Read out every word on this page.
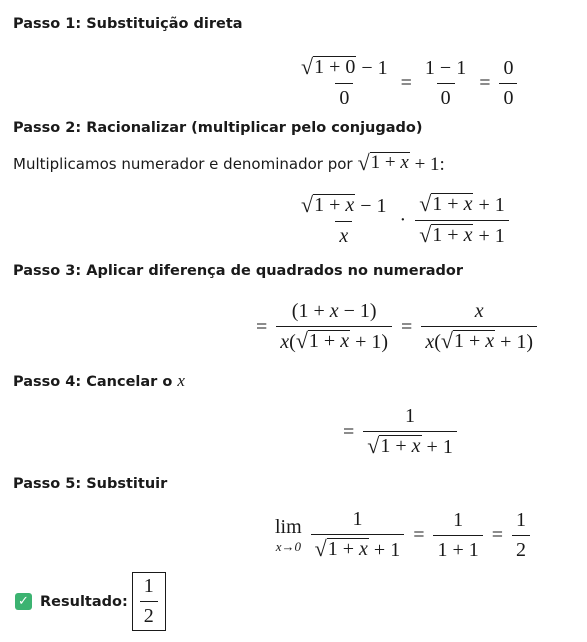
Passo 1: Substituição direta
$\frac{√ 1 + 0 - 1}{0} = \frac{1 - 1}{0} = \frac{0}{0}$
Passo 2: Racionalizar (multiplicar pelo conjugado)
Multiplicamos numerador e denominador por √ 1 + x + 1:
$\frac{√ 1 + x - 1}{x} \cdot \frac{√ 1 + x + 1}{√ 1 + x + 1}$
Passo 3: Aplicar diferença de quadrados no numerador
= $\frac{(1 + x - 1)}{x( √ 1 + x + 1)} = \frac{x}{x( √ 1 + x + 1)}$
Passo 4: Cancelar o x
= $\frac{1}{√ 1 + x + 1}$
Passo 5: Substituir
lim
$x\to 0 \frac{1}{√ 1 + x + 1} = \frac{1}{1 + 1} = \frac{1}{2}$
✓ Resultado: $\frac{1}{2}$
